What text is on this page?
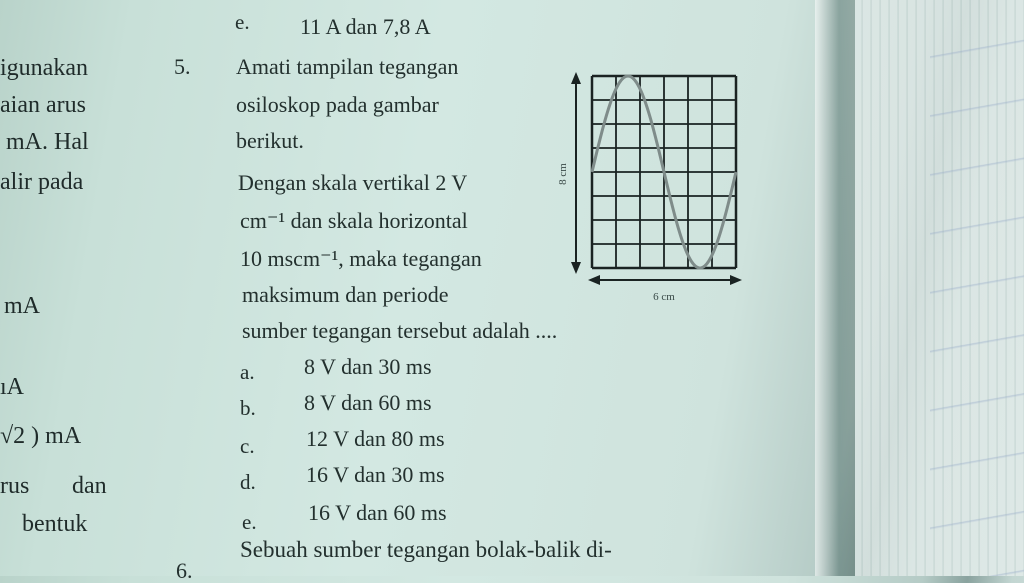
e. 11 A dan 7,8 A
igunakan
aian arus
mA. Hal
alir pada
mA
ıA
√2 ) mA
rus dan
bentuk
5. Amati tampilan tegangan
osiloskop pada gambar
berikut.
Dengan skala vertikal 2 V
cm⁻¹ dan skala horizontal
10 mscm⁻¹, maka tegangan
maksimum dan periode
sumber tegangan tersebut adalah ....
a. 8 V dan 30 ms
b. 8 V dan 60 ms
c. 12 V dan 80 ms
d. 16 V dan 30 ms
e. 16 V dan 60 ms
6.
Sebuah sumber tegangan bolak-balik di-
8 cm
6 cm
